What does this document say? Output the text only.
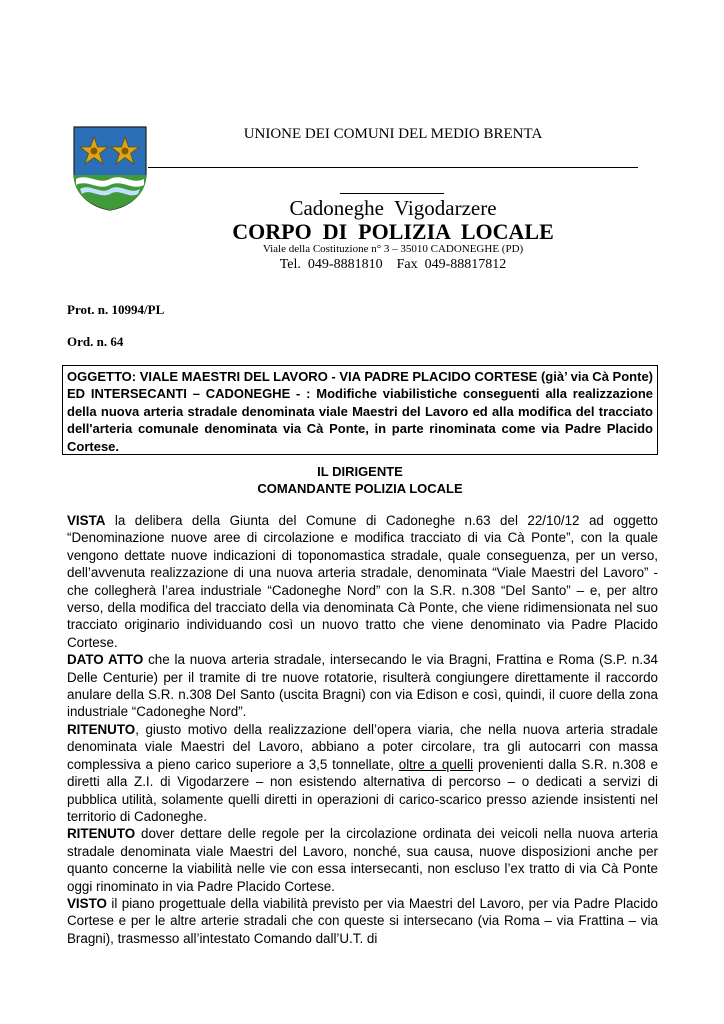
UNIONE DEI COMUNI DEL MEDIO BRENTA
Cadoneghe  Vigodarzere
CORPO  DI  POLIZIA  LOCALE
Viale della Costituzione n° 3 – 35010 CADONEGHE (PD)
Tel.  049-8881810    Fax  049-88817812
Prot. n. 10994/PL
Ord. n. 64
OGGETTO: VIALE MAESTRI DEL LAVORO - VIA PADRE PLACIDO CORTESE (già’ via Cà Ponte) ED INTERSECANTI – CADONEGHE - : Modifiche viabilistiche conseguenti alla realizzazione della nuova arteria stradale denominata viale Maestri del Lavoro ed alla modifica del tracciato dell'arteria comunale denominata via Cà Ponte, in parte rinominata come via Padre Placido Cortese.
IL DIRIGENTE
COMANDANTE POLIZIA LOCALE

VISTA la delibera della Giunta del Comune di Cadoneghe n.63 del 22/10/12 ad oggetto “Denominazione nuove aree di circolazione e modifica tracciato di via Cà Ponte”, con la quale vengono dettate nuove indicazioni di toponomastica stradale, quale conseguenza, per un verso, dell’avvenuta realizzazione di una nuova arteria stradale, denominata “Viale Maestri del Lavoro” - che collegherà l’area industriale “Cadoneghe Nord” con la S.R. n.308 “Del Santo” – e, per altro verso, della modifica del tracciato della via denominata Cà Ponte, che viene ridimensionata nel suo tracciato originario individuando così un nuovo tratto che viene denominato via Padre Placido Cortese.

DATO ATTO che la nuova arteria stradale, intersecando le via Bragni, Frattina e Roma (S.P. n.34 Delle Centurie) per il tramite di tre nuove rotatorie, risulterà congiungere direttamente il raccordo anulare della S.R. n.308 Del Santo (uscita Bragni) con via Edison e così, quindi, il cuore della zona industriale “Cadoneghe Nord”.

RITENUTO, giusto motivo della realizzazione dell’opera viaria, che nella nuova arteria stradale denominata viale Maestri del Lavoro, abbiano a poter circolare, tra gli autocarri con massa complessiva a pieno carico superiore a 3,5 tonnellate, oltre a quelli provenienti dalla S.R. n.308 e diretti alla Z.I. di Vigodarzere – non esistendo alternativa di percorso – o dedicati a servizi di pubblica utilità, solamente quelli diretti in operazioni di carico-scarico presso aziende insistenti nel territorio di Cadoneghe.

RITENUTO dover dettare delle regole per la circolazione ordinata dei veicoli nella nuova arteria stradale denominata viale Maestri del Lavoro, nonché, sua causa, nuove disposizioni anche per quanto concerne la viabilità nelle vie con essa intersecanti, non escluso l’ex tratto di via Cà Ponte oggi rinominato in via Padre Placido Cortese.

VISTO il piano progettuale della viabilità previsto per via Maestri del Lavoro, per via Padre Placido Cortese e per le altre arterie stradali che con queste si intersecano (via Roma – via Frattina – via Bragni), trasmesso all’intestato Comando dall’U.T. di
